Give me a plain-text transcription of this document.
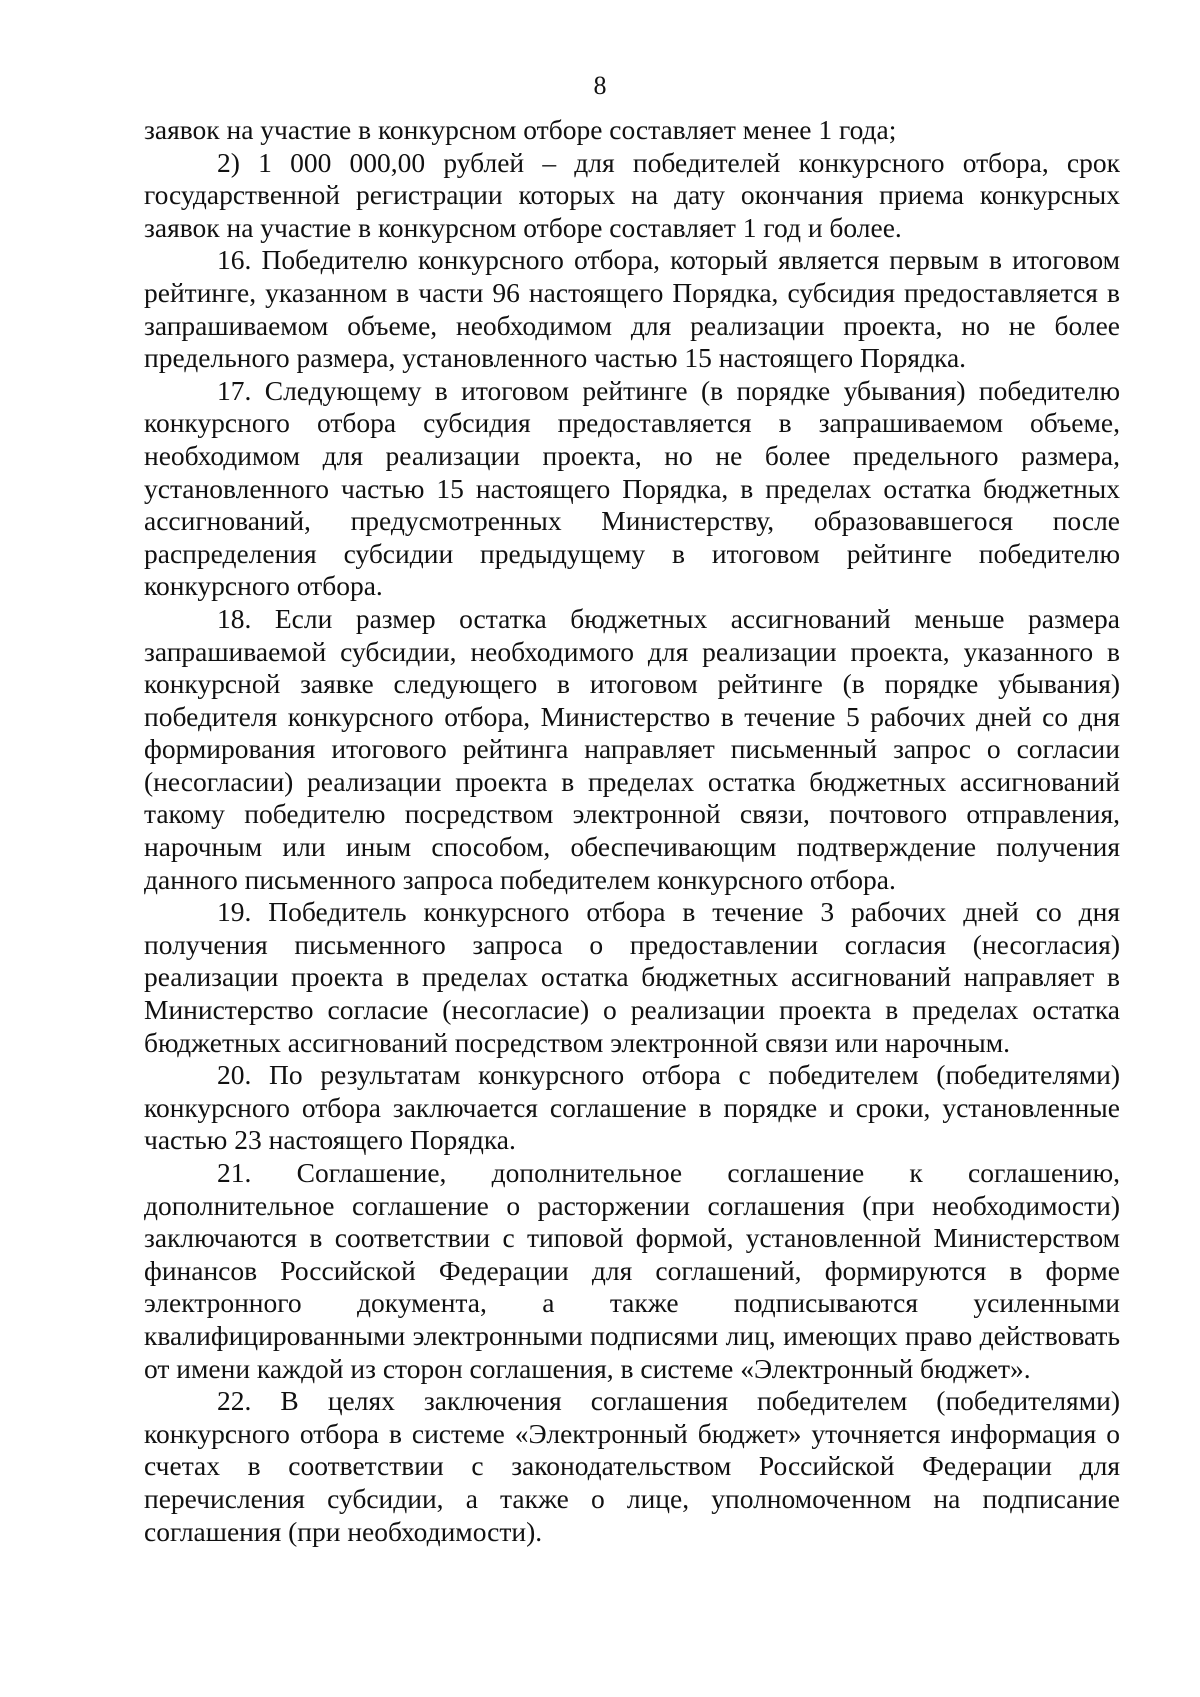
8

заявок на участие в конкурсном отборе составляет менее 1 года;

2) 1 000 000,00 рублей – для победителей конкурсного отбора, срок государственной регистрации которых на дату окончания приема конкурсных заявок на участие в конкурсном отборе составляет 1 год и более.

16. Победителю конкурсного отбора, который является первым в итоговом рейтинге, указанном в части 96 настоящего Порядка, субсидия предоставляется в запрашиваемом объеме, необходимом для реализации проекта, но не более предельного размера, установленного частью 15 настоящего Порядка.

17. Следующему в итоговом рейтинге (в порядке убывания) победителю конкурсного отбора субсидия предоставляется в запрашиваемом объеме, необходимом для реализации проекта, но не более предельного размера, установленного частью 15 настоящего Порядка, в пределах остатка бюджетных ассигнований, предусмотренных Министерству, образовавшегося после распределения субсидии предыдущему в итоговом рейтинге победителю конкурсного отбора.

18. Если размер остатка бюджетных ассигнований меньше размера запрашиваемой субсидии, необходимого для реализации проекта, указанного в конкурсной заявке следующего в итоговом рейтинге (в порядке убывания) победителя конкурсного отбора, Министерство в течение 5 рабочих дней со дня формирования итогового рейтинга направляет письменный запрос о согласии (несогласии) реализации проекта в пределах остатка бюджетных ассигнований такому победителю посредством электронной связи, почтового отправления, нарочным или иным способом, обеспечивающим подтверждение получения данного письменного запроса победителем конкурсного отбора.

19. Победитель конкурсного отбора в течение 3 рабочих дней со дня получения письменного запроса о предоставлении согласия (несогласия) реализации проекта в пределах остатка бюджетных ассигнований направляет в Министерство согласие (несогласие) о реализации проекта в пределах остатка бюджетных ассигнований посредством электронной связи или нарочным.

20. По результатам конкурсного отбора с победителем (победителями) конкурсного отбора заключается соглашение в порядке и сроки, установленные частью 23 настоящего Порядка.

21. Соглашение, дополнительное соглашение к соглашению, дополнительное соглашение о расторжении соглашения (при необходимости) заключаются в соответствии с типовой формой, установленной Министерством финансов Российской Федерации для соглашений, формируются в форме электронного документа, а также подписываются усиленными квалифицированными электронными подписями лиц, имеющих право действовать от имени каждой из сторон соглашения, в системе «Электронный бюджет».

22. В целях заключения соглашения победителем (победителями) конкурсного отбора в системе «Электронный бюджет» уточняется информация о счетах в соответствии с законодательством Российской Федерации для перечисления субсидии, а также о лице, уполномоченном на подписание соглашения (при необходимости).
